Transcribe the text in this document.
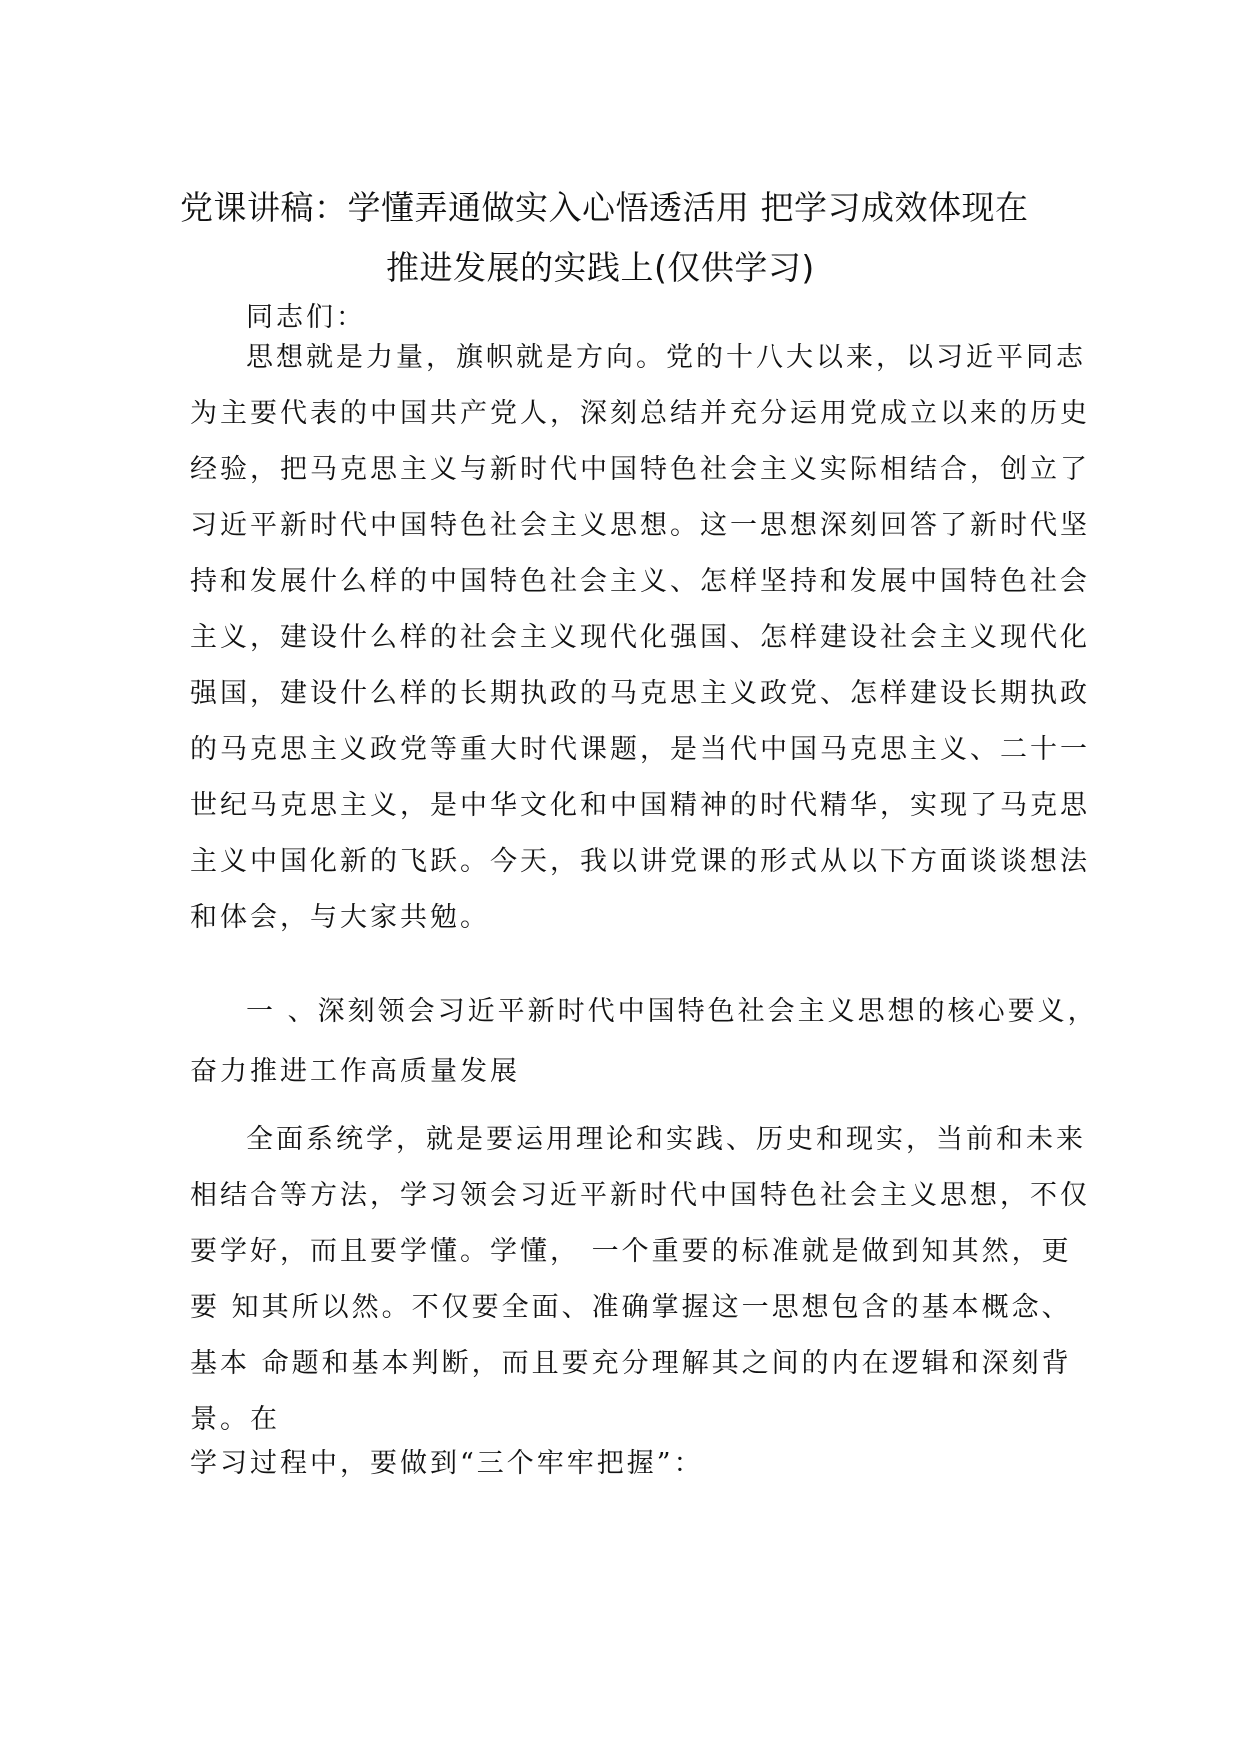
党课讲稿：学懂弄通做实入心悟透活用 把学习成效体现在
推进发展的实践上(仅供学习)
同志们：
思想就是力量，旗帜就是方向。党的十八大以来，以习近平同志
为主要代表的中国共产党人，深刻总结并充分运用党成立以来的历史
经验，把马克思主义与新时代中国特色社会主义实际相结合，创立了
习近平新时代中国特色社会主义思想。这一思想深刻回答了新时代坚
持和发展什么样的中国特色社会主义、怎样坚持和发展中国特色社会
主义，建设什么样的社会主义现代化强国、怎样建设社会主义现代化
强国，建设什么样的长期执政的马克思主义政党、怎样建设长期执政
的马克思主义政党等重大时代课题，是当代中国马克思主义、二十一
世纪马克思主义，是中华文化和中国精神的时代精华，实现了马克思
主义中国化新的飞跃。今天，我以讲党课的形式从以下方面谈谈想法
和体会，与大家共勉。
一 、深刻领会习近平新时代中国特色社会主义思想的核心要义，
奋力推进工作高质量发展
全面系统学，就是要运用理论和实践、历史和现实，当前和未来
相结合等方法，学习领会习近平新时代中国特色社会主义思想，不仅
要学好，而且要学懂。学懂， 一个重要的标准就是做到知其然，更
要 知其所以然。不仅要全面、准确掌握这一思想包含的基本概念、
基本 命题和基本判断，而且要充分理解其之间的内在逻辑和深刻背
景。在
学习过程中，要做到“三个牢牢把握”：
